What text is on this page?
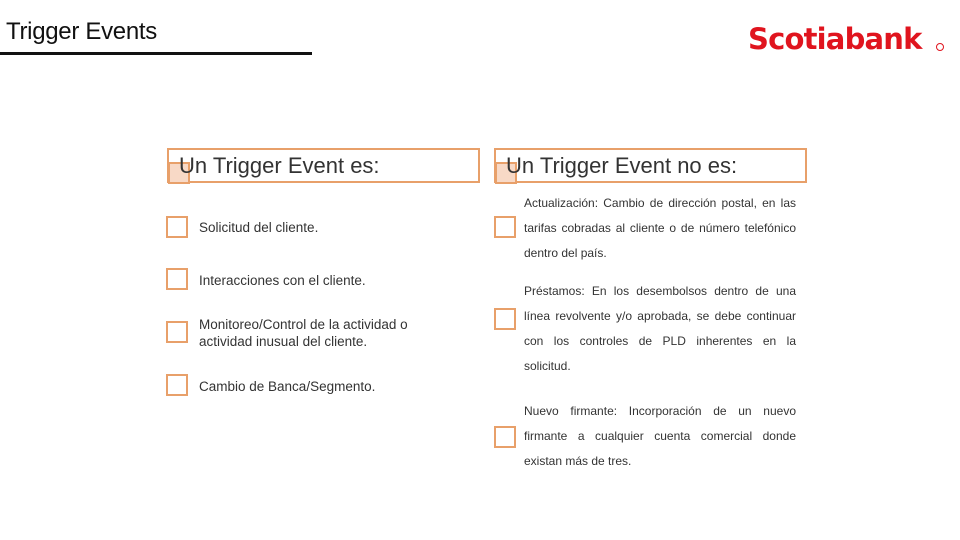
Trigger Events	Scotiabank
Un Trigger Event es:	Un Trigger Event no es:
Solicitud del cliente.
Interacciones con el cliente.
Monitoreo/Control de la actividad o actividad inusual del cliente.
Cambio de Banca/Segmento.
Actualización: Cambio de dirección postal, en las tarifas cobradas al cliente o de número telefónico dentro del país.
Préstamos: En los desembolsos dentro de una línea revolvente y/o aprobada, se debe continuar con los controles de PLD inherentes en la solicitud.
Nuevo firmante: Incorporación de un nuevo firmante a cualquier cuenta comercial donde existan más de tres.
